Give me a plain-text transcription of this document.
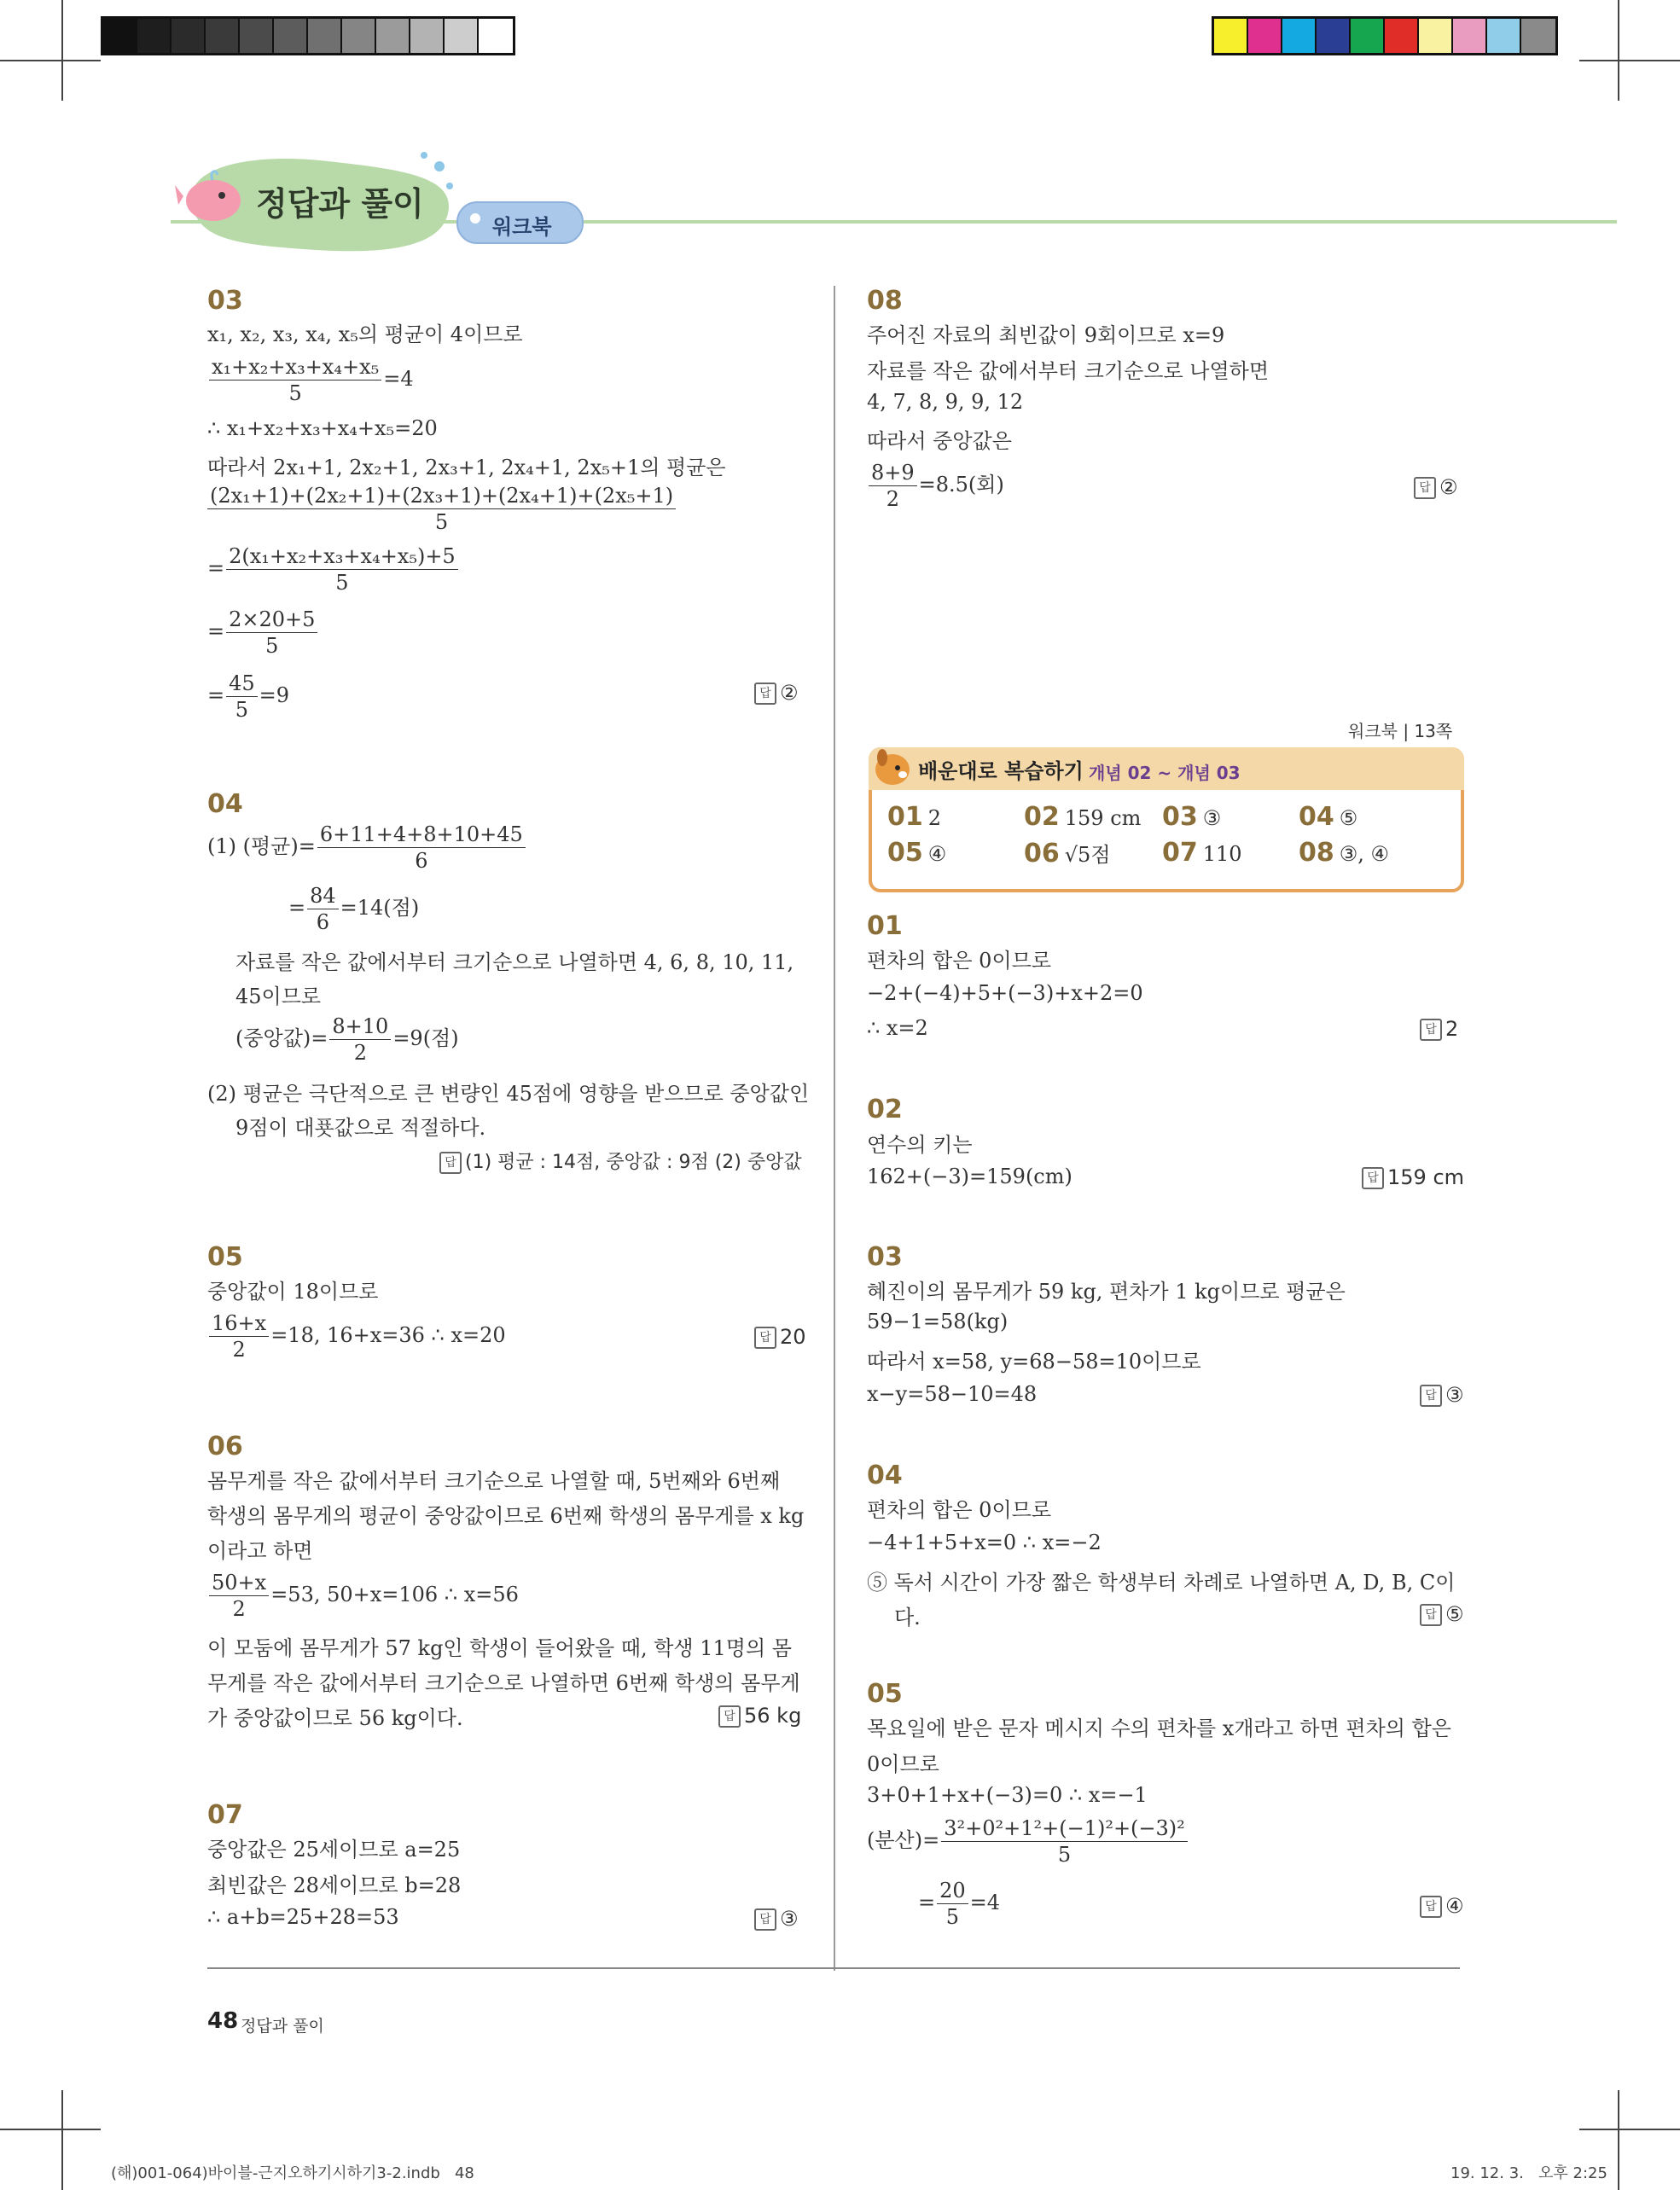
정답과 풀이
워크북
03
x₁, x₂, x₃, x₄, x₅의 평균이 4이므로
$\frac{\text{x₁+x₂+x₃+x₄+x₅}}{5} =4$
∴ x₁+x₂+x₃+x₄+x₅=20
따라서 2x₁+1, 2x₂+1, 2x₃+1, 2x₄+1, 2x₅+1의 평균은
$\frac{\text{(2x₁+1)+(2x₂+1)+(2x₃+1)+(2x₄+1)+(2x₅+1)}}{5}$
= $\frac{\text{2(x₁+x₂+x₃+x₄+x₅)+5}}{5}$
= $\frac{2\times 20+5}{5}$
= $\frac{45}{5} =9$	답 ②
04
(1) (평균)= $\frac{6+11+4+8+10+45}{6}$
= $\frac{84}{6} =14$(점)
자료를 작은 값에서부터 크기순으로 나열하면 4, 6, 8, 10, 11,
45이므로
(중앙값)= $\frac{8+10}{2} =9$(점)
(2) 평균은 극단적으로 큰 변량인 45점에 영향을 받으므로 중앙값인
9점이 대푯값으로 적절하다.
답 (1) 평균 : 14점, 중앙값 : 9점 (2) 중앙값
05
중앙값이 18이므로
$\frac{16+x}{2} =18$, 16+x=36 ∴ x=20	답 20
06
몸무게를 작은 값에서부터 크기순으로 나열할 때, 5번째와 6번째
학생의 몸무게의 평균이 중앙값이므로 6번째 학생의 몸무게를 x kg
이라고 하면
$\frac{50+x}{2} =53$, 50+x=106 ∴ x=56
이 모둠에 몸무게가 57 kg인 학생이 들어왔을 때, 학생 11명의 몸
무게를 작은 값에서부터 크기순으로 나열하면 6번째 학생의 몸무게
가 중앙값이므로 56 kg이다.	답 56 kg
07
중앙값은 25세이므로 a=25
최빈값은 28세이므로 b=28
∴ a+b=25+28=53	답 ③
08
주어진 자료의 최빈값이 9회이므로 x=9
자료를 작은 값에서부터 크기순으로 나열하면
4, 7, 8, 9, 9, 12
따라서 중앙값은
$\frac{8+9}{2} =8.5$(회)	답 ②
워크북 | 13쪽
배운대로 복습하기 개념 02 ~ 개념 03
01 2	02 159 cm 03 ③	04 ⑤
05 ④	06 √5점 07 110 08 ③, ④
01
편차의 합은 0이므로
−2+(−4)+5+(−3)+x+2=0
∴ x=2	답 2
02
연수의 키는
162+(−3)=159(cm)	답 159 cm
03
혜진이의 몸무게가 59 kg, 편차가 1 kg이므로 평균은
59−1=58(kg)
따라서 x=58, y=68−58=10이므로
x−y=58−10=48	답 ③
04
편차의 합은 0이므로
−4+1+5+x=0 ∴ x=−2
⑤ 독서 시간이 가장 짧은 학생부터 차례로 나열하면 A, D, B, C이
다.	답 ⑤
05
목요일에 받은 문자 메시지 수의 편차를 x개라고 하면 편차의 합은
0이므로
3+0+1+x+(−3)=0 ∴ x=−1
(분산)= $\frac{\text{3²+0²+1²+(−1)²+(−3)²}}{5}$
= $\frac{20}{5} =4$	답 ④
48 정답과 풀이
(해)001-064)바이블-근지오하기시하기3-2.indb   48	19. 12. 3.   오후 2:25
